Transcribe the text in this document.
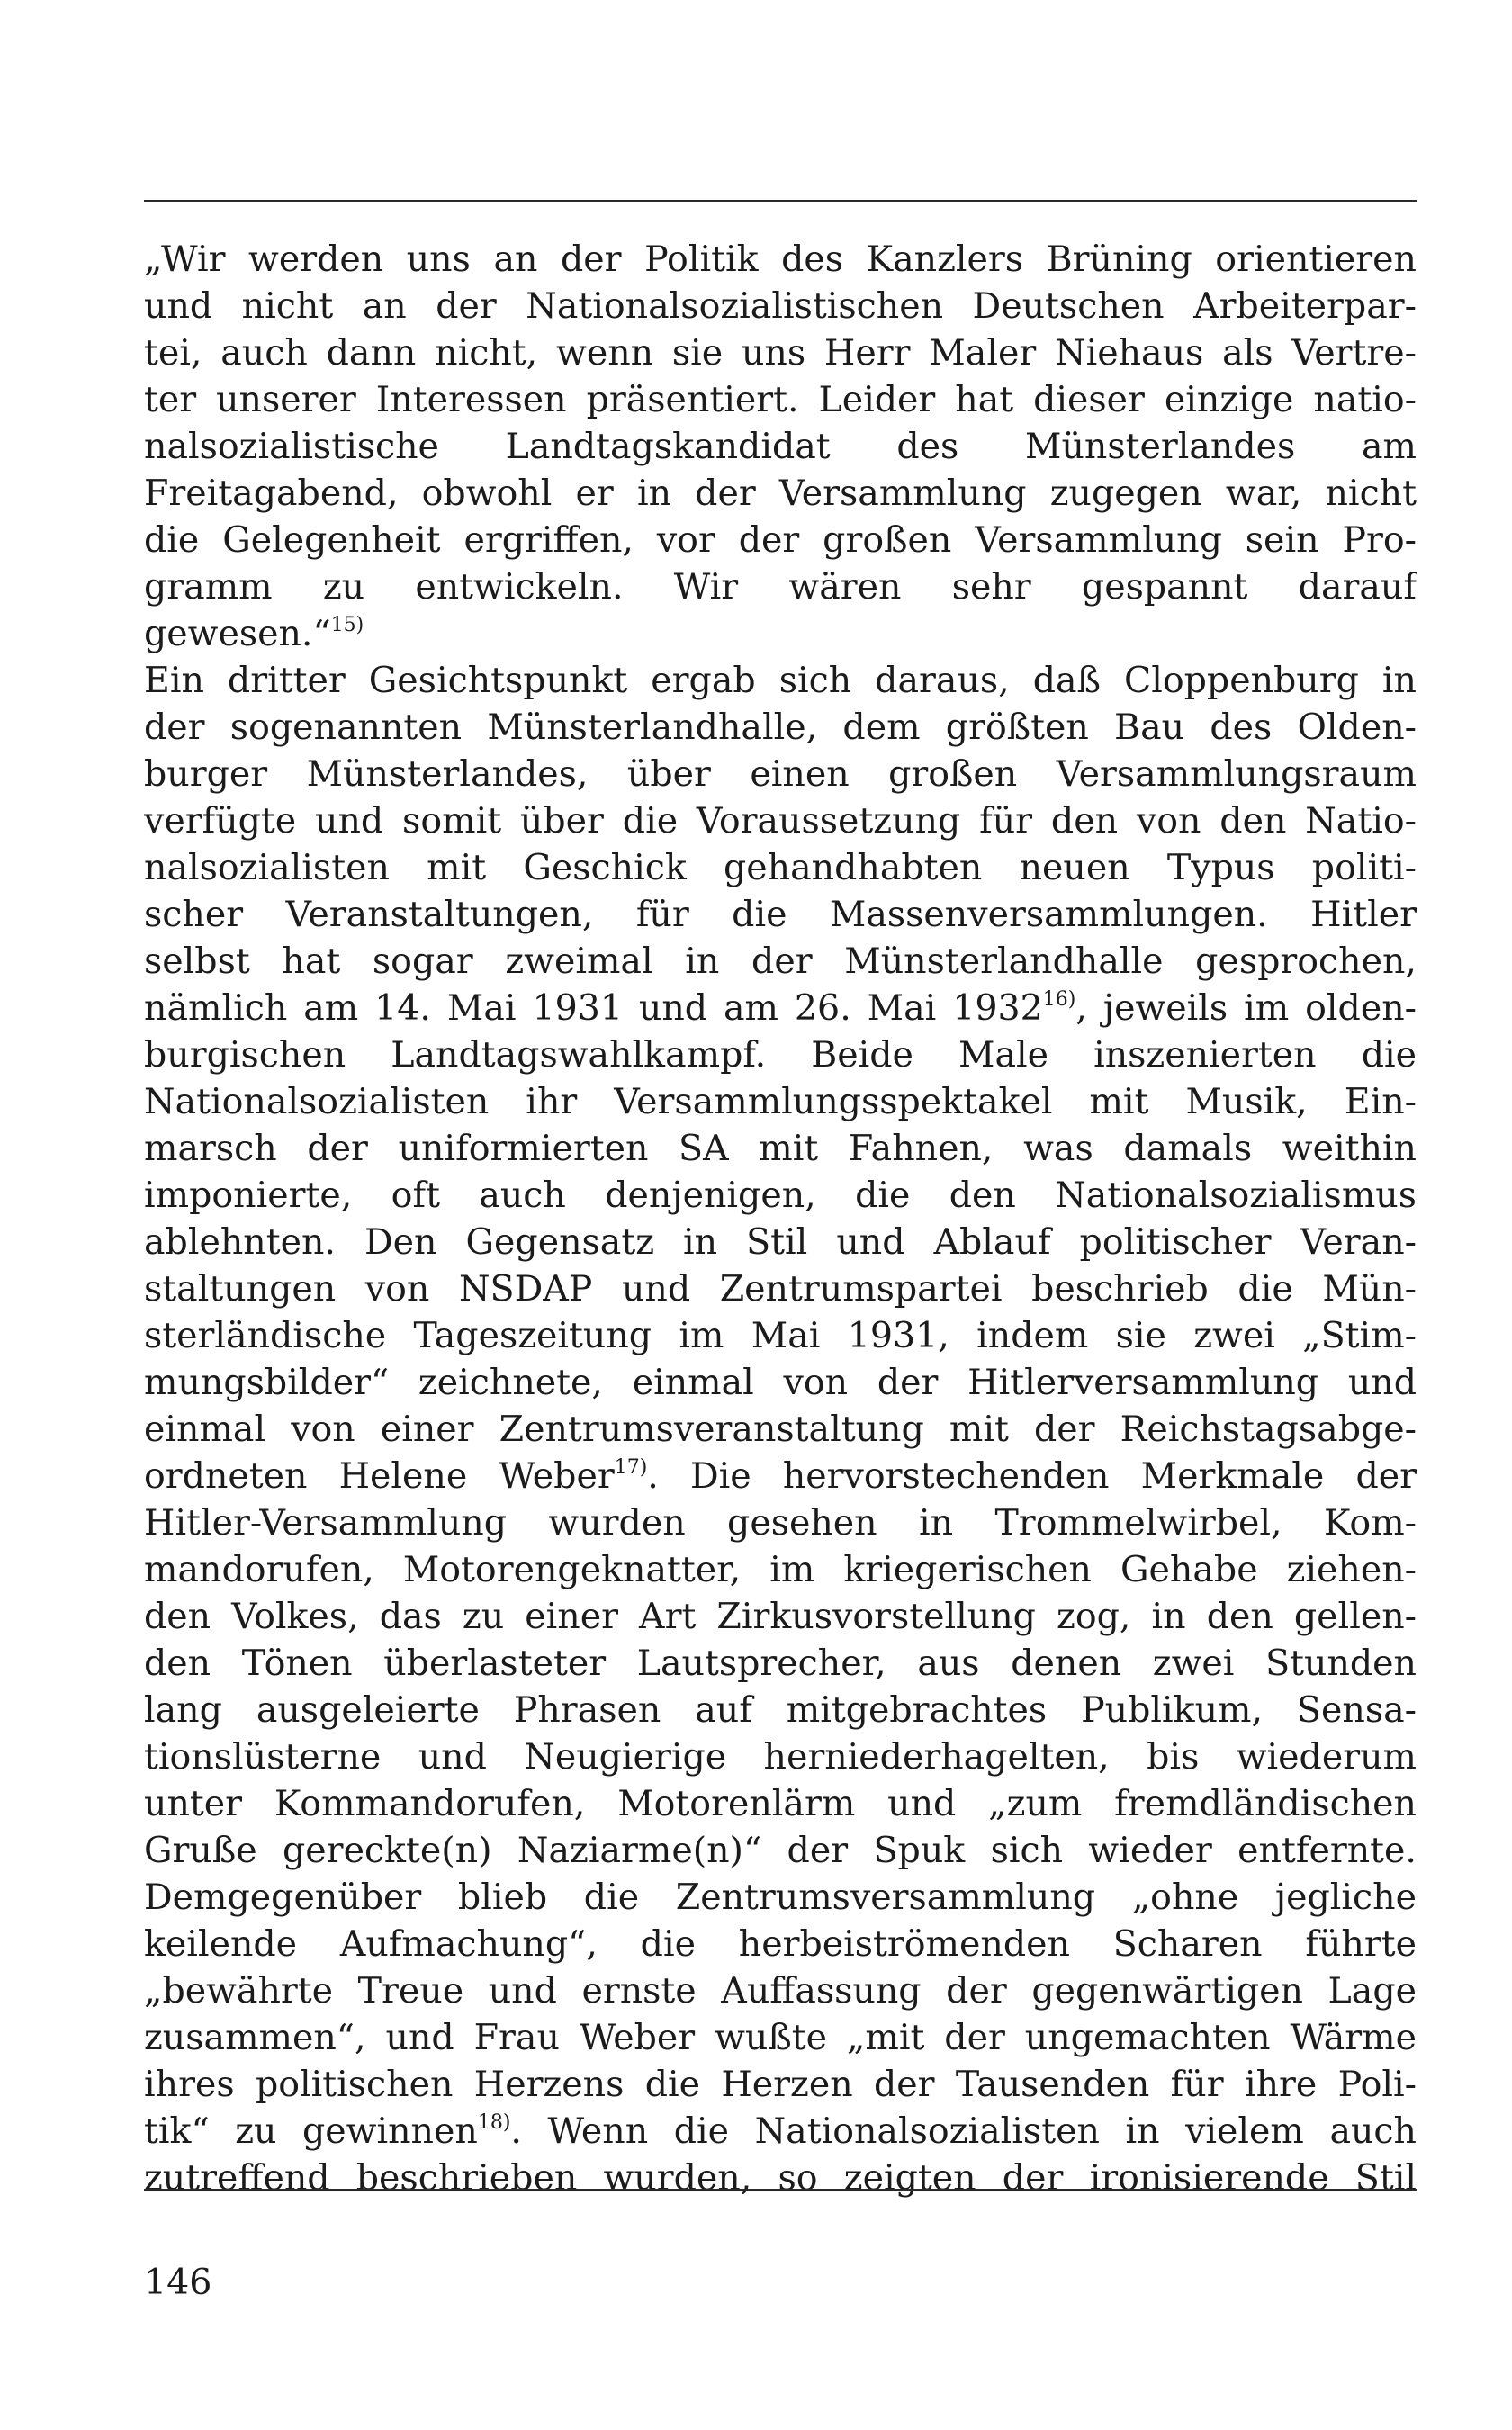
„Wir werden uns an der Politik des Kanzlers Brüning orientieren
und nicht an der Nationalsozialistischen Deutschen Arbeiterpar-
tei, auch dann nicht, wenn sie uns Herr Maler Niehaus als Vertre-
ter unserer Interessen präsentiert. Leider hat dieser einzige natio-
nalsozialistische Landtagskandidat des Münsterlandes am
Freitagabend, obwohl er in der Versammlung zugegen war, nicht
die Gelegenheit ergriffen, vor der großen Versammlung sein Pro-
gramm zu entwickeln. Wir wären sehr gespannt darauf
gewesen.“$^{15)}$
Ein dritter Gesichtspunkt ergab sich daraus, daß Cloppenburg in
der sogenannten Münsterlandhalle, dem größten Bau des Olden-
burger Münsterlandes, über einen großen Versammlungsraum
verfügte und somit über die Voraussetzung für den von den Natio-
nalsozialisten mit Geschick gehandhabten neuen Typus politi-
scher Veranstaltungen, für die Massenversammlungen. Hitler
selbst hat sogar zweimal in der Münsterlandhalle gesprochen,
nämlich am 14. Mai 1931 und am 26. Mai 1932$^{16)}$, jeweils im olden-
burgischen Landtagswahlkampf. Beide Male inszenierten die
Nationalsozialisten ihr Versammlungsspektakel mit Musik, Ein-
marsch der uniformierten SA mit Fahnen, was damals weithin
imponierte, oft auch denjenigen, die den Nationalsozialismus
ablehnten. Den Gegensatz in Stil und Ablauf politischer Veran-
staltungen von NSDAP und Zentrumspartei beschrieb die Mün-
sterländische Tageszeitung im Mai 1931, indem sie zwei „Stim-
mungsbilder“ zeichnete, einmal von der Hitlerversammlung und
einmal von einer Zentrumsveranstaltung mit der Reichstagsabge-
ordneten Helene Weber$^{17)}$. Die hervorstechenden Merkmale der
Hitler-Versammlung wurden gesehen in Trommelwirbel, Kom-
mandorufen, Motorengeknatter, im kriegerischen Gehabe ziehen-
den Volkes, das zu einer Art Zirkusvorstellung zog, in den gellen-
den Tönen überlasteter Lautsprecher, aus denen zwei Stunden
lang ausgeleierte Phrasen auf mitgebrachtes Publikum, Sensa-
tionslüsterne und Neugierige herniederhagelten, bis wiederum
unter Kommandorufen, Motorenlärm und „zum fremdländischen
Gruße gereckte(n) Naziarme(n)“ der Spuk sich wieder entfernte.
Demgegenüber blieb die Zentrumsversammlung „ohne jegliche
keilende Aufmachung“, die herbeiströmenden Scharen führte
„bewährte Treue und ernste Auffassung der gegenwärtigen Lage
zusammen“, und Frau Weber wußte „mit der ungemachten Wärme
ihres politischen Herzens die Herzen der Tausenden für ihre Poli-
tik“ zu gewinnen$^{18)}$. Wenn die Nationalsozialisten in vielem auch
zutreffend beschrieben wurden, so zeigten der ironisierende Stil
146
